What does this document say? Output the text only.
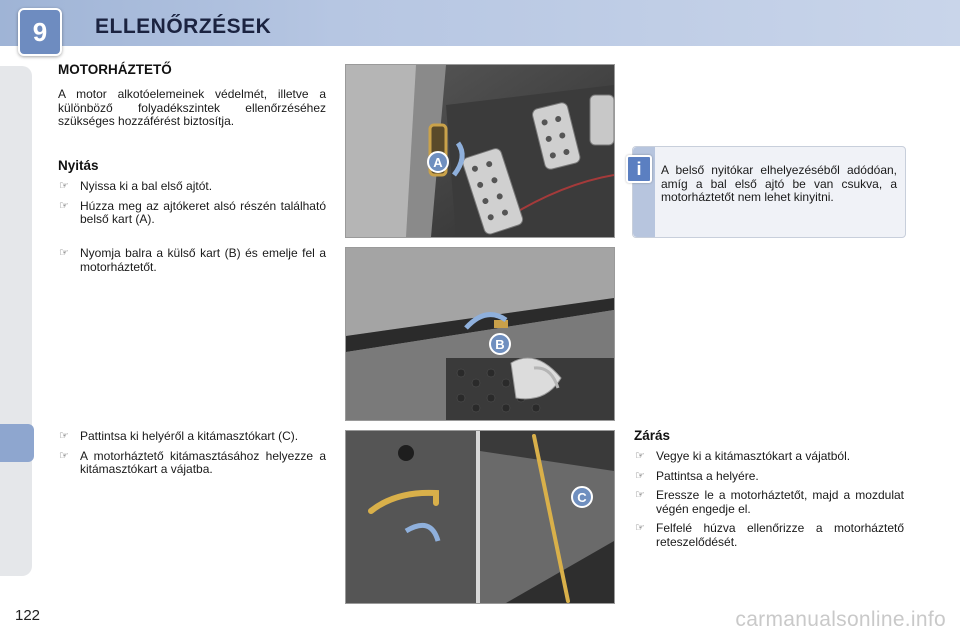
9	ELLENŐRZÉSEK
MOTORHÁZTETŐ
A motor alkotóelemeinek védelmét, illetve a különböző folyadékszintek ellenőrzéséhez szükséges hozzáférést biztosítja.
Nyitás
☞ Nyissa ki a bal első ajtót.
☞ Húzza meg az ajtókeret alsó részén található belső kart (A).
☞ Nyomja balra a külső kart (B) és emelje fel a motorháztetőt.
☞ Pattintsa ki helyéről a kitámasztókart (C).
☞ A motorháztető kitámasztásához helyezze a kitámasztókart a vájatba.
A
B
C
i	A belső nyitókar elhelyezéséből adódóan, amíg a bal első ajtó be van csukva, a motorháztetőt nem lehet kinyitni.
Zárás
☞ Vegye ki a kitámasztókart a vájatból.
☞ Pattintsa a helyére.
☞ Eressze le a motorháztetőt, majd a mozdulat végén engedje el.
☞ Felfelé húzva ellenőrizze a motorháztető reteszelődését.
122	carmanualsonline.info
